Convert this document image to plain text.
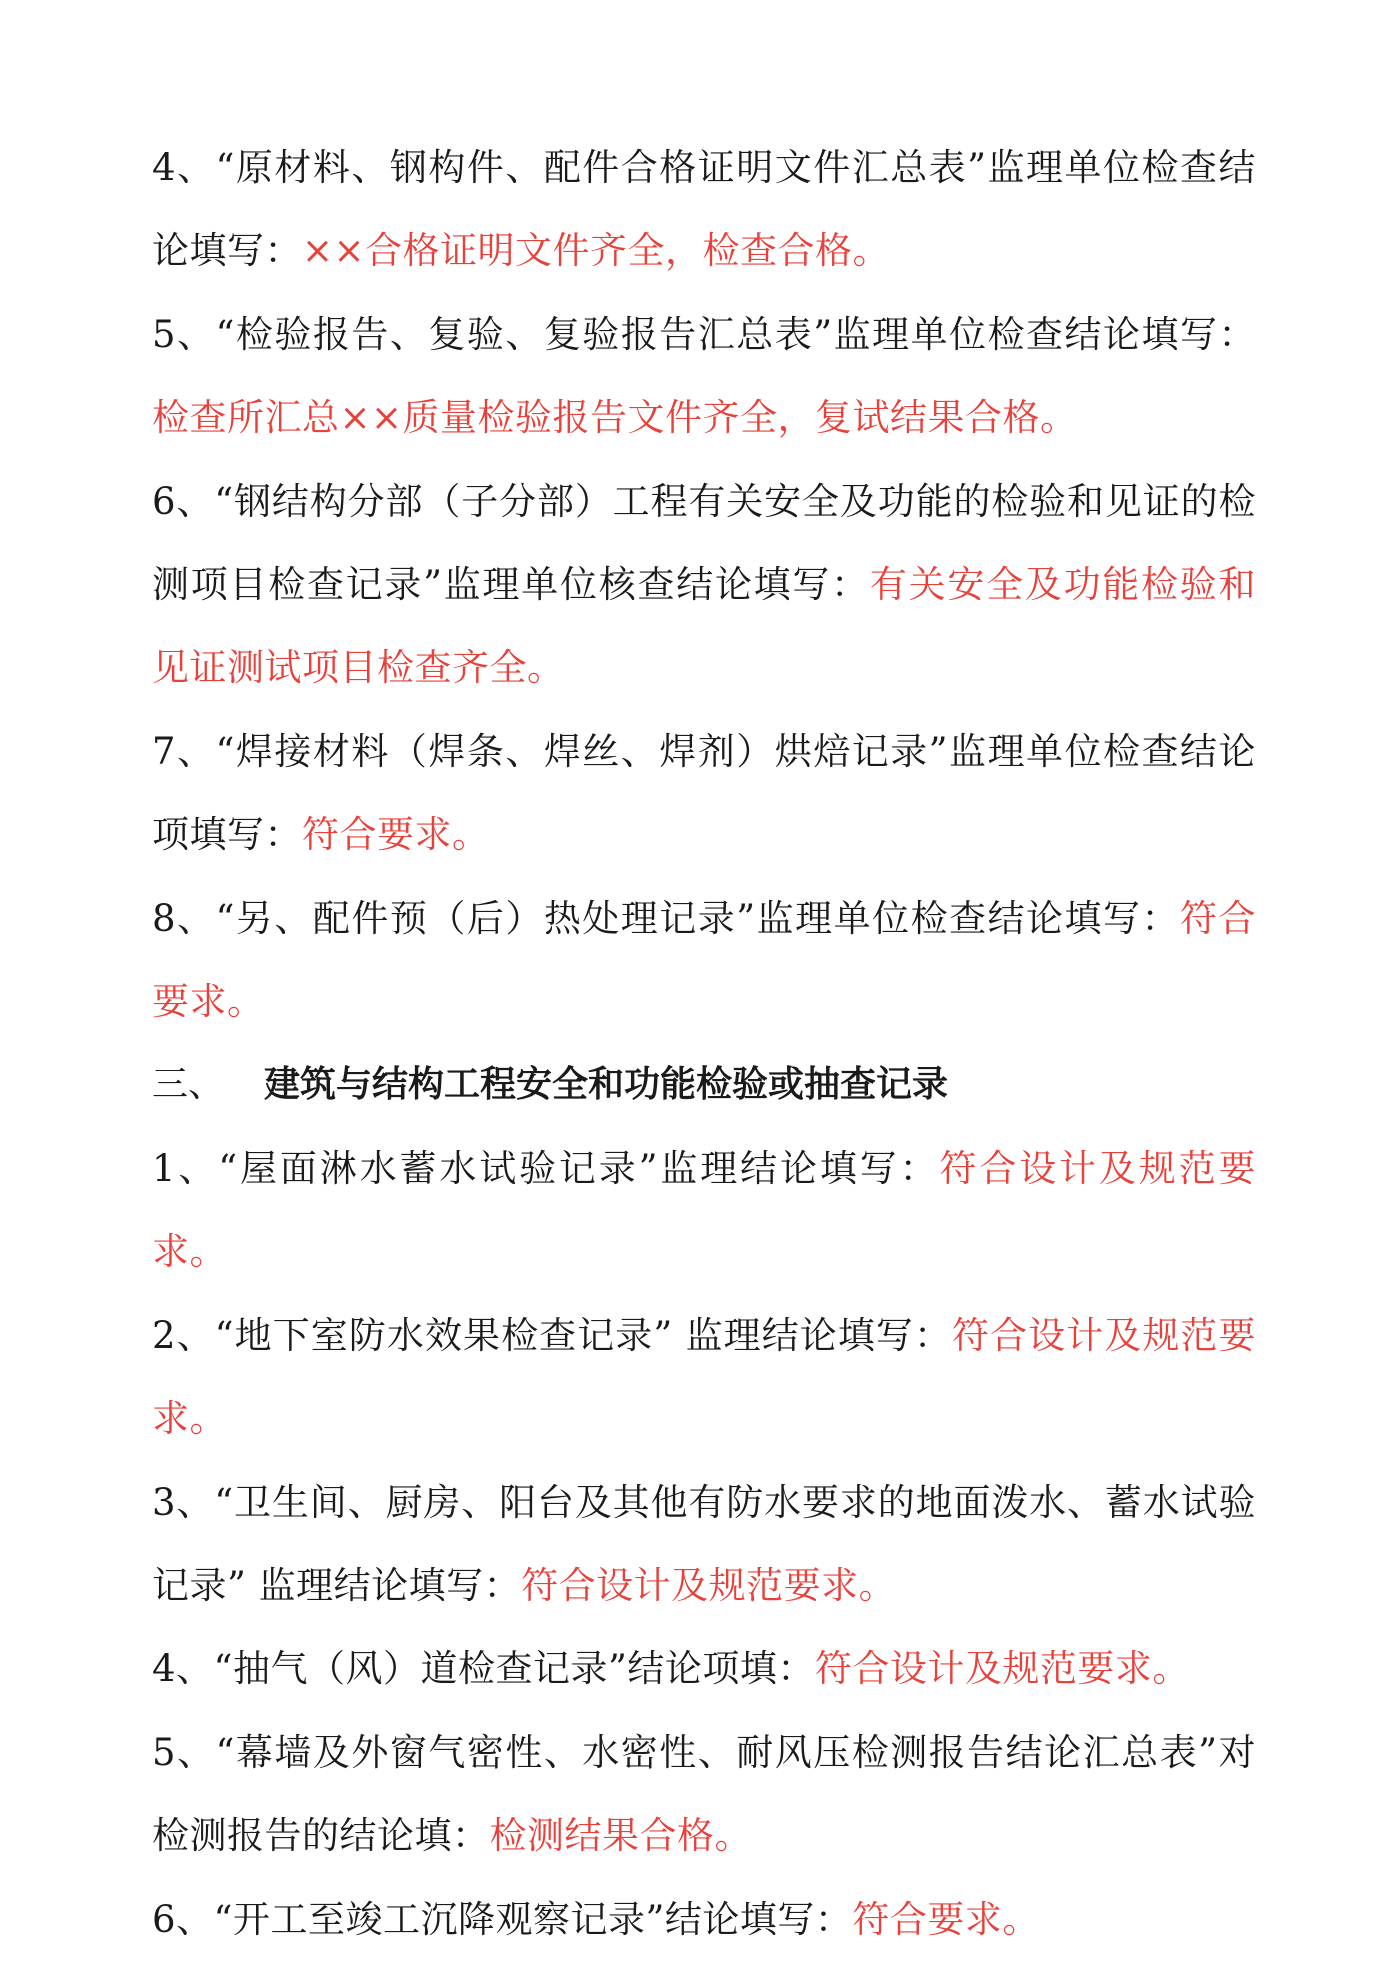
4、“原材料、钢构件、配件合格证明文件汇总表”监理单位检查结论填写：××合格证明文件齐全，检查合格。

5、“检验报告、复验、复验报告汇总表”监理单位检查结论填写：检查所汇总××质量检验报告文件齐全，复试结果合格。

6、“钢结构分部（子分部）工程有关安全及功能的检验和见证的检测项目检查记录”监理单位核查结论填写：有关安全及功能检验和见证测试项目检查齐全。

7、“焊接材料（焊条、焊丝、焊剂）烘焙记录”监理单位检查结论项填写：符合要求。

8、“另、配件预（后）热处理记录”监理单位检查结论填写：符合要求。

三、 建筑与结构工程安全和功能检验或抽查记录

1、“屋面淋水蓄水试验记录”监理结论填写：符合设计及规范要求。

2、“地下室防水效果检查记录” 监理结论填写：符合设计及规范要求。

3、“卫生间、厨房、阳台及其他有防水要求的地面泼水、蓄水试验记录” 监理结论填写：符合设计及规范要求。

4、“抽气（风）道检查记录”结论项填：符合设计及规范要求。

5、“幕墙及外窗气密性、水密性、耐风压检测报告结论汇总表”对检测报告的结论填：检测结果合格。

6、“开工至竣工沉降观察记录”结论填写：符合要求。
